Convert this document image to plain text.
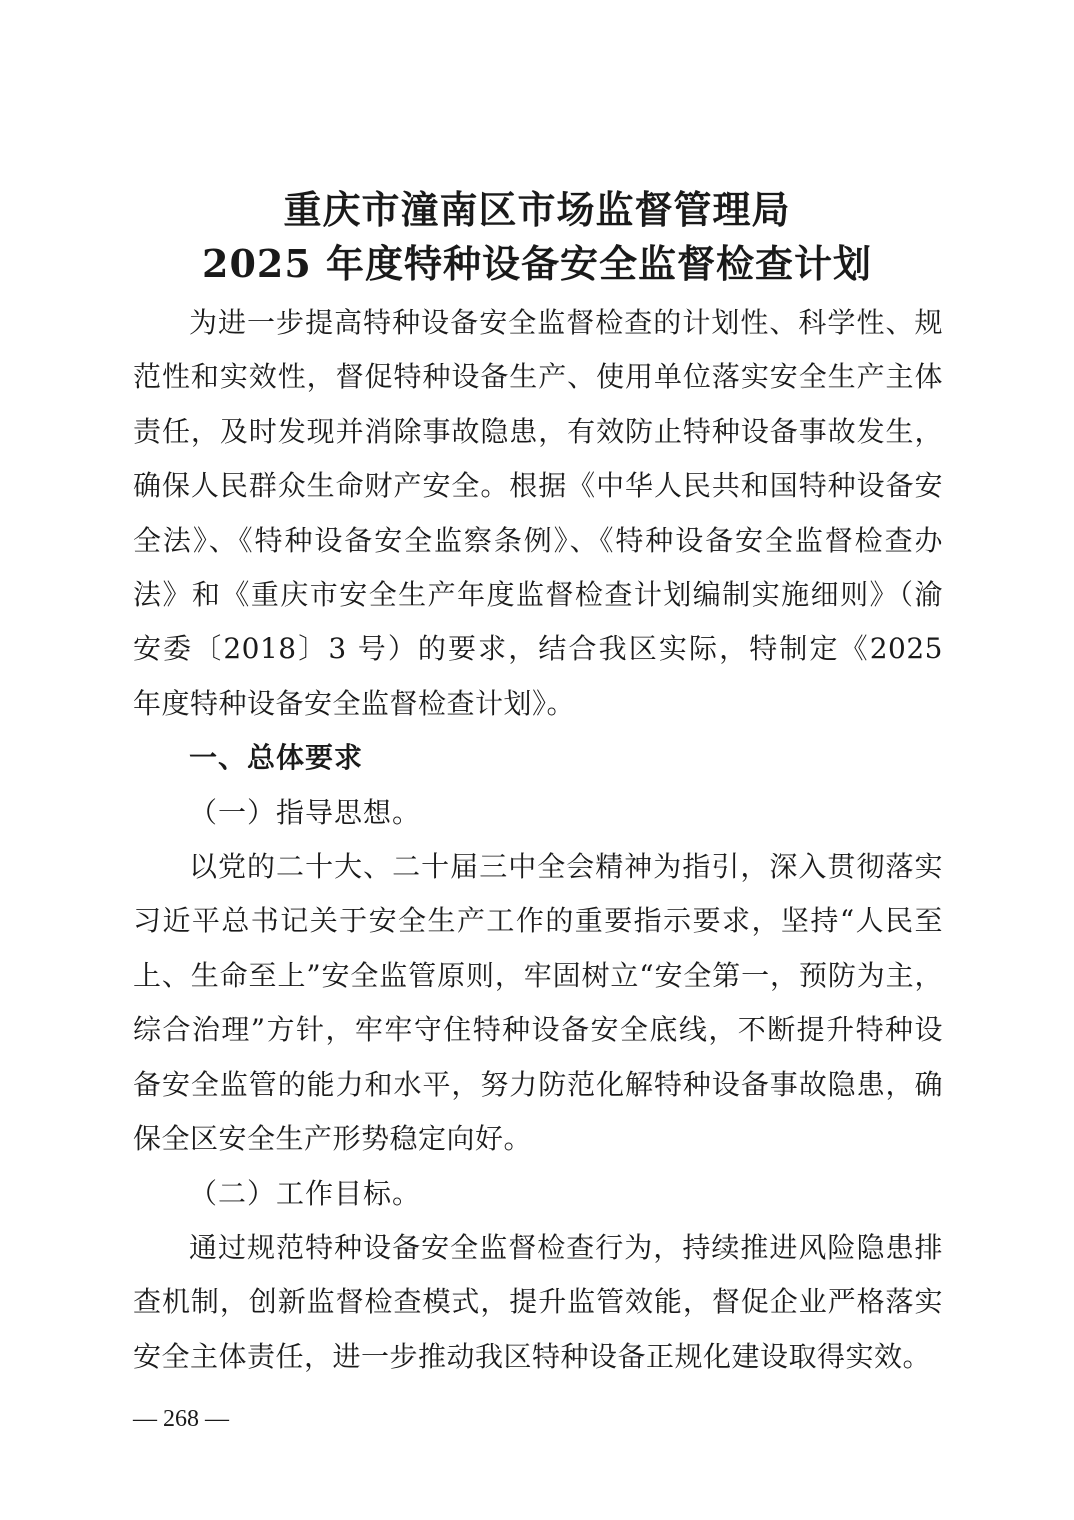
重庆市潼南区市场监督管理局
2025 年度特种设备安全监督检查计划

为进一步提高特种设备安全监督检查的计划性、科学性、规范性和实效性，督促特种设备生产、使用单位落实安全生产主体责任，及时发现并消除事故隐患，有效防止特种设备事故发生，确保人民群众生命财产安全。根据《中华人民共和国特种设备安全法》、《特种设备安全监察条例》、《特种设备安全监督检查办法》和《重庆市安全生产年度监督检查计划编制实施细则》（渝安委〔2018〕3 号）的要求，结合我区实际，特制定《2025 年度特种设备安全监督检查计划》。

一、总体要求

（一）指导思想。

以党的二十大、二十届三中全会精神为指引，深入贯彻落实习近平总书记关于安全生产工作的重要指示要求，坚持“人民至上、生命至上”安全监管原则，牢固树立“安全第一，预防为主，综合治理”方针，牢牢守住特种设备安全底线，不断提升特种设备安全监管的能力和水平，努力防范化解特种设备事故隐患，确保全区安全生产形势稳定向好。

（二）工作目标。

通过规范特种设备安全监督检查行为，持续推进风险隐患排查机制，创新监督检查模式，提升监管效能，督促企业严格落实安全主体责任，进一步推动我区特种设备正规化建设取得实效。

— 268 —
